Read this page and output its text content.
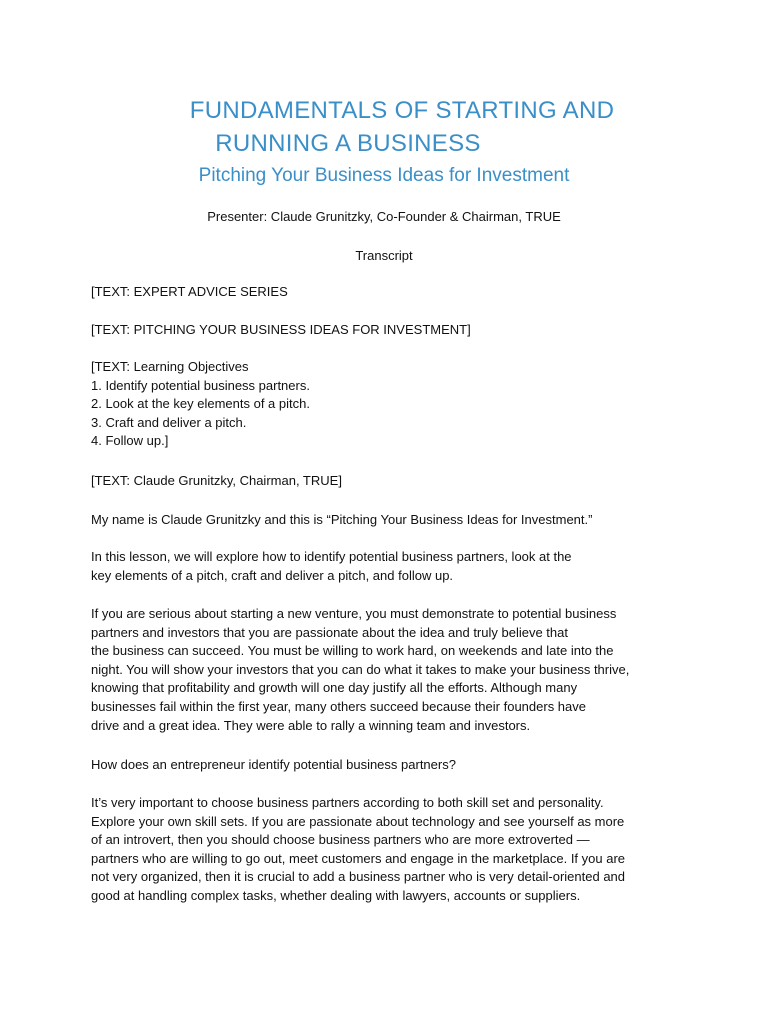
FUNDAMENTALS OF STARTING AND
RUNNING A BUSINESS
Pitching Your Business Ideas for Investment
Presenter: Claude Grunitzky, Co-Founder & Chairman, TRUE
Transcript
[TEXT: EXPERT ADVICE SERIES
[TEXT: PITCHING YOUR BUSINESS IDEAS FOR INVESTMENT]
[TEXT: Learning Objectives
1. Identify potential business partners.
2. Look at the key elements of a pitch.
3. Craft and deliver a pitch.
4. Follow up.]
[TEXT: Claude Grunitzky, Chairman, TRUE]
My name is Claude Grunitzky and this is “Pitching Your Business Ideas for Investment.”
In this lesson, we will explore how to identify potential business partners, look at the
key elements of a pitch, craft and deliver a pitch, and follow up.
If you are serious about starting a new venture, you must demonstrate to potential business
partners and investors that you are passionate about the idea and truly believe that
the business can succeed. You must be willing to work hard, on weekends and late into the
night. You will show your investors that you can do what it takes to make your business thrive,
knowing that profitability and growth will one day justify all the efforts. Although many
businesses fail within the first year, many others succeed because their founders have
drive and a great idea. They were able to rally a winning team and investors.
How does an entrepreneur identify potential business partners?
It’s very important to choose business partners according to both skill set and personality.
Explore your own skill sets. If you are passionate about technology and see yourself as more
of an introvert, then you should choose business partners who are more extroverted —
partners who are willing to go out, meet customers and engage in the marketplace. If you are
not very organized, then it is crucial to add a business partner who is very detail-oriented and
good at handling complex tasks, whether dealing with lawyers, accounts or suppliers.
